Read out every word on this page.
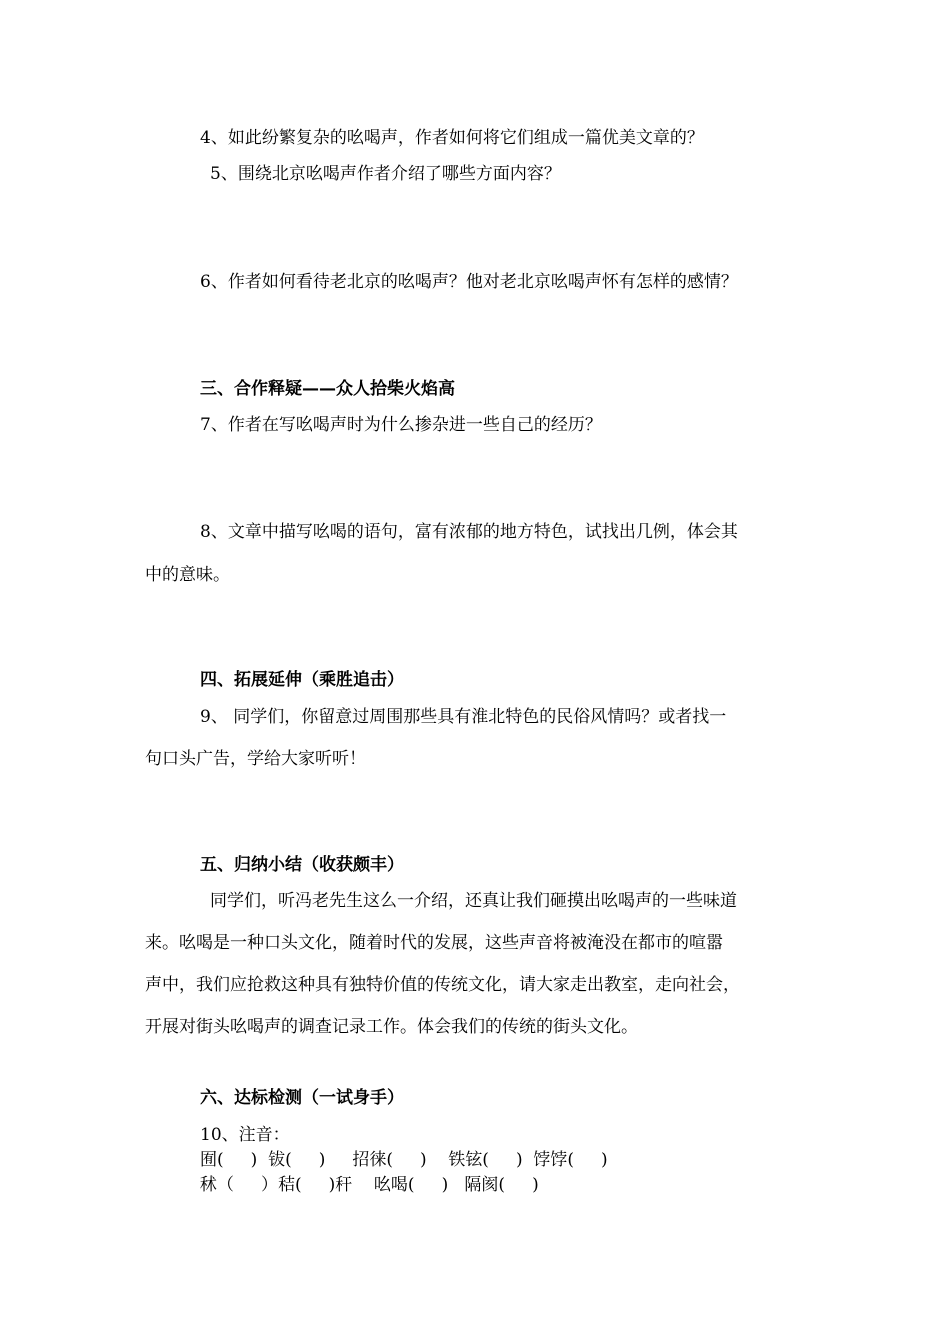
4、如此纷繁复杂的吆喝声，作者如何将它们组成一篇优美文章的？
5、围绕北京吆喝声作者介绍了哪些方面内容？
6、作者如何看待老北京的吆喝声？他对老北京吆喝声怀有怎样的感情？
三、合作释疑——众人拾柴火焰高
7、作者在写吆喝声时为什么掺杂进一些自己的经历？
8、文章中描写吆喝的语句，富有浓郁的地方特色，试找出几例，体会其
中的意味。
四、拓展延伸（乘胜追击）
9、 同学们，你留意过周围那些具有淮北特色的民俗风情吗？或者找一
句口头广告，学给大家听听！
五、归纳小结（收获颇丰）
同学们，听冯老先生这么一介绍，还真让我们砸摸出吆喝声的一些味道
来。吆喝是一种口头文化，随着时代的发展，这些声音将被淹没在都市的喧嚣
声中，我们应抢救这种具有独特价值的传统文化，请大家走出教室，走向社会，
开展对街头吆喝声的调查记录工作。体会我们的传统的街头文化。
六、达标检测（一试身手）
10、注音：
囿(     )  钹(     )     招徕(     )    铁铉(     )  饽饽(     )
秫（     ）秸(     )秆    吆喝(     )   隔阂(     )
